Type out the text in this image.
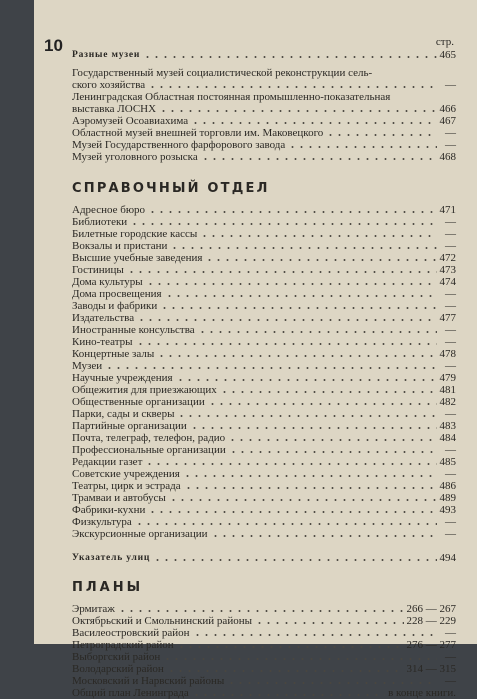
10	стр.
Разные музеи	465
Государственный музей социалистической реконструкции сель-
ского хозяйства	—
Ленинградская Областная постоянная промышленно-показательная
выставка ЛОСНХ	466
Аэромузей Осоавиахима	467
Областной музей внешней торговли им. Маковецкого	—
Музей Государственного фарфорового завода	—
Музей уголовного розыска	468
СПРАВОЧНЫЙ ОТДЕЛ
Адресное бюро	471
Библиотеки	—
Билетные городские кассы	—
Вокзалы и пристани	—
Высшие учебные заведения	472
Гостиницы	473
Дома культуры	474
Дома просвещения	—
Заводы и фабрики	—
Издательства	477
Иностранные консульства	—
Кино-театры	—
Концертные залы	478
Музеи	—
Научные учреждения	479
Общежития для приезжающих	481
Общественные организации	482
Парки, сады и скверы	—
Партийные организации	483
Почта, телеграф, телефон, радио	484
Профессиональные организации	—
Редакции газет	485
Советские учреждения	—
Театры, цирк и эстрада	486
Трамваи и автобусы	489
Фабрики-кухни	493
Физкультура	—
Экскурсионные организации	—
Указатель улиц	494
ПЛАНЫ
Эрмитаж	266 — 267
Октябрьский и Смольнинский районы	228 — 229
Василеостровский район	—
Петроградский район	276 — 277
Выборгский район	—
Володарский район	314 — 315
Московский и Нарвский районы	—
Общий план Ленинграда	в конце книги.
